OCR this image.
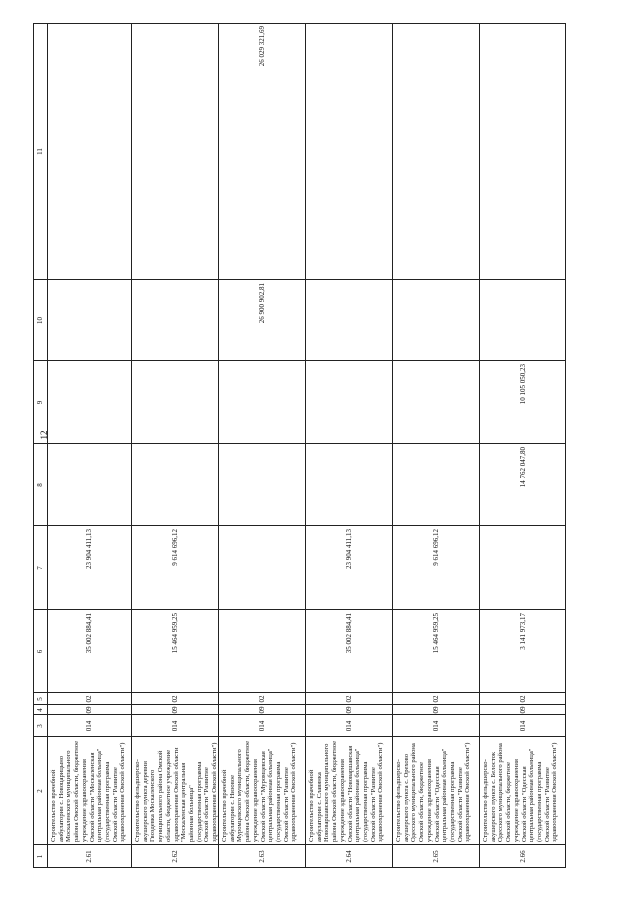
12
1
2
3
4
5
6
7
8
9
10
11
2.61
Строительство врачебной амбулатории с. Новоцарицыно Москаленского муниципального района Омской области, бюджетное учреждение здравоохранения Омской области "Москаленская центральная районная больница" (государственная программа Омской области "Развитие здравоохранения Омской области")
014
09
02
35 002 884,41
23 904 411,13
2.62
Строительство фельдшерско-акушерского пункта деревни Гвоздевка Москаленского муниципального района Омской области, бюджетное учреждение здравоохранения Омской области "Москаленская центральная районная больница" (государственная программа Омской области "Развитие здравоохранения Омской области")
014
09
02
15 464 959,25
9 614 696,12
2.63
Строительство врачебной амбулатории с. Низовое Муромцевского муниципального района Омской области, бюджетное учреждение здравоохранения Омской области "Муромцевская центральная районная больница" (государственная программа Омской области "Развитие здравоохранения Омской области")
014
09
02
26 900 902,81
26 029 321,69
2.64
Строительство врачебной амбулатории с. Славянка Нововаршавского муниципального района Омской области, бюджетное учреждение здравоохранения Омской области "Нововаршавская центральная районная больница" (государственная программа Омской области "Развитие здравоохранения Омской области")
014
09
02
35 002 884,41
23 904 411,13
2.65
Строительство фельдшерско-акушерского пункта с. Орехово Одесского муниципального района Омской области, бюджетное учреждение здравоохранения Омской области "Одесская центральная районная больница" (государственная программа Омской области "Развитие здравоохранения Омской области")
014
09
02
15 464 959,25
9 614 696,12
2.66
Строительство фельдшерско-акушерского пункта с. Белосток Одесского муниципального района Омской области, бюджетное учреждение здравоохранения Омской области "Одесская центральная районная больница" (государственная программа Омской области "Развитие здравоохранения Омской области")
014
09
02
3 141 973,17
14 762 047,80
10 105 050,23
